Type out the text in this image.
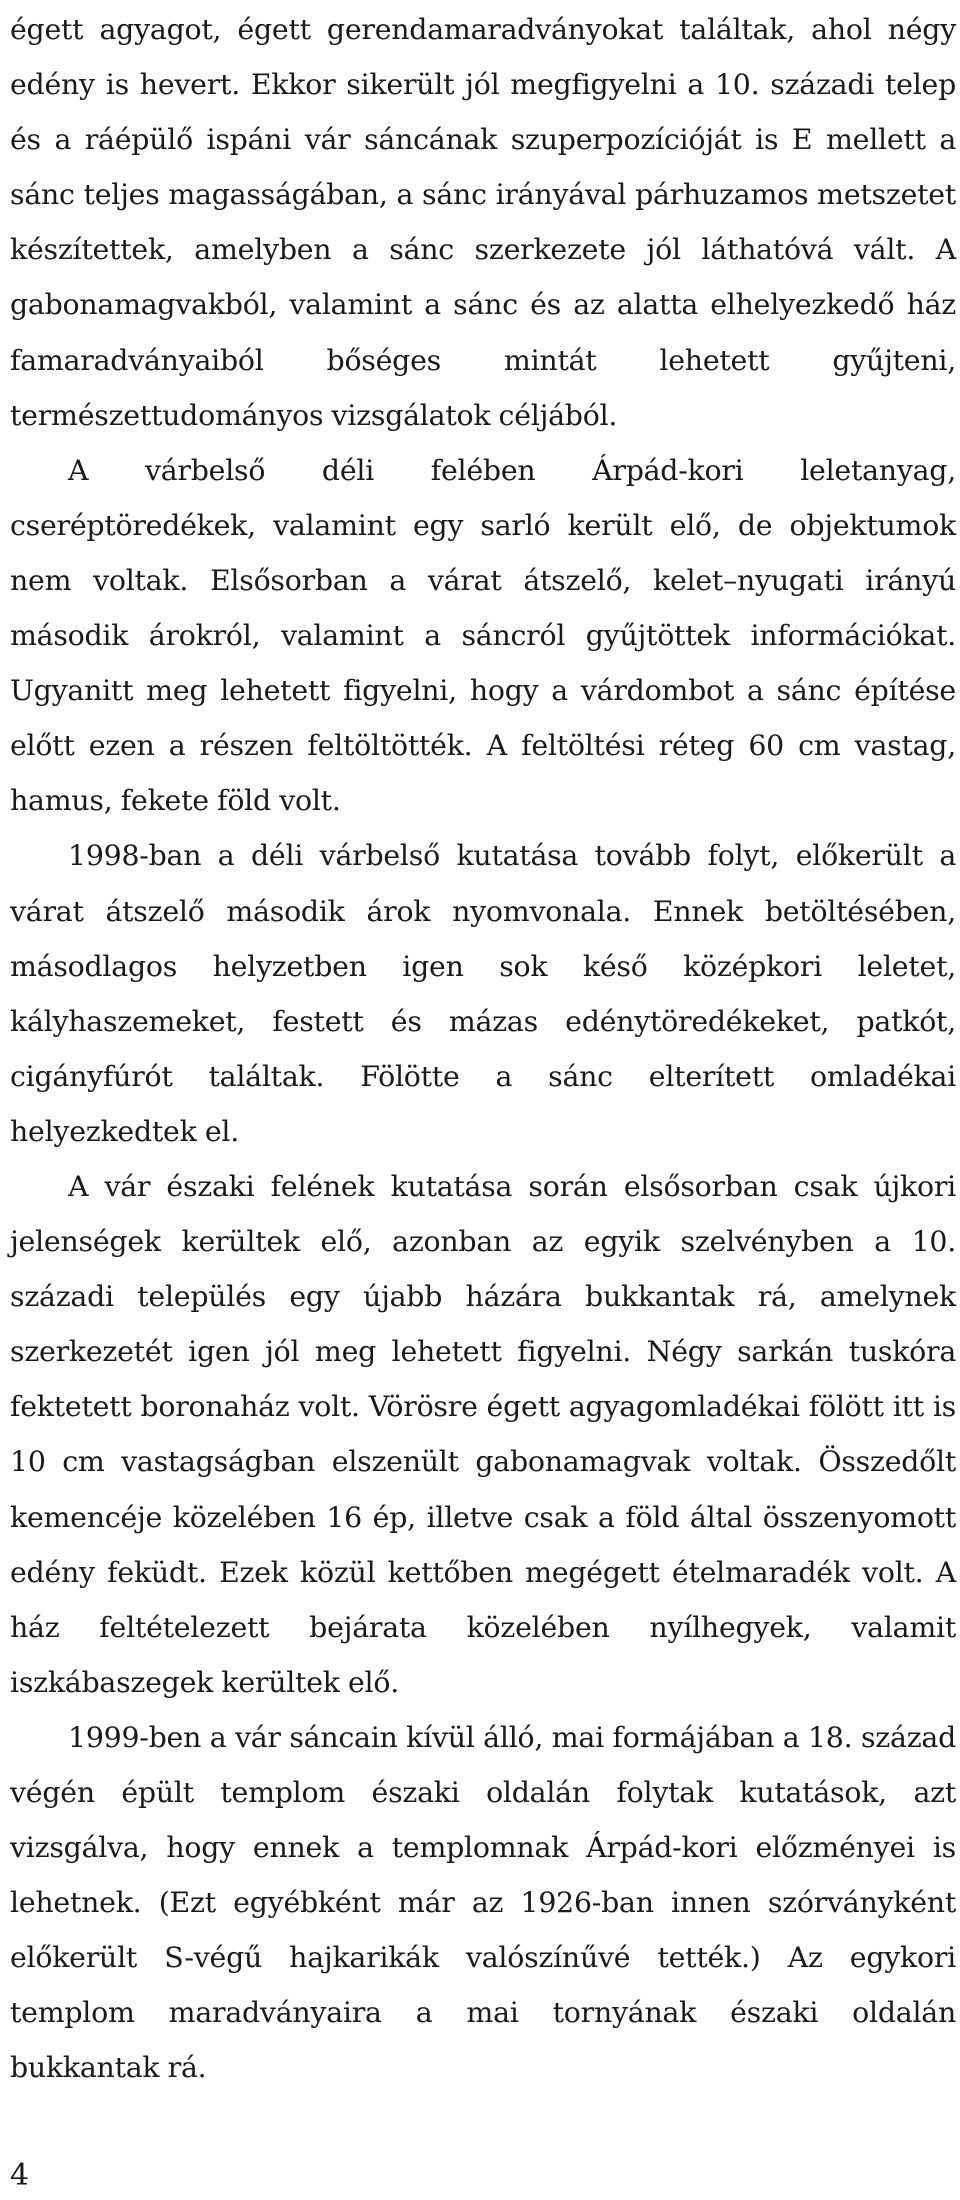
égett agyagot, égett gerendamaradványokat találtak, ahol négy edény is hevert. Ekkor sikerült jól megfigyelni a 10. századi telep és a ráépülő ispáni vár sáncának szuperpozícióját is E mellett a sánc teljes magasságában, a sánc irányával párhuzamos metszetet készítettek, amelyben a sánc szerkezete jól láthatóvá vált. A gabonamagvakból, valamint a sánc és az alatta elhelyezkedő ház famaradványaiból bőséges mintát lehetett gyűjteni, természettudományos vizsgálatok céljából.

A várbelső déli felében Árpád-kori leletanyag, cseréptöredékek, valamint egy sarló került elő, de objektumok nem voltak. Elsősorban a várat átszelő, kelet–nyugati irányú második árokról, valamint a sáncról gyűjtöttek információkat. Ugyanitt meg lehetett figyelni, hogy a várdombot a sánc építése előtt ezen a részen feltöltötték. A feltöltési réteg 60 cm vastag, hamus, fekete föld volt.

1998-ban a déli várbelső kutatása tovább folyt, előkerült a várat átszelő második árok nyomvonala. Ennek betöltésében, másodlagos helyzetben igen sok késő középkori leletet, kályhaszemeket, festett és mázas edénytöredékeket, patkót, cigányfúrót találtak. Fölötte a sánc elterített omladékai helyezkedtek el.

A vár északi felének kutatása során elsősorban csak újkori jelenségek kerültek elő, azonban az egyik szelvényben a 10. századi település egy újabb házára bukkantak rá, amelynek szerkezetét igen jól meg lehetett figyelni. Négy sarkán tuskóra fektetett boronaház volt. Vörösre égett agyagomladékai fölött itt is 10 cm vastagságban elszenült gabonamagvak voltak. Összedőlt kemencéje közelében 16 ép, illetve csak a föld által összenyomott edény feküdt. Ezek közül kettőben megégett ételmaradék volt. A ház feltételezett bejárata közelében nyílhegyek, valamit iszkábaszegek kerültek elő.

1999-ben a vár sáncain kívül álló, mai formájában a 18. század végén épült templom északi oldalán folytak kutatások, azt vizsgálva, hogy ennek a templomnak Árpád-kori előzményei is lehetnek. (Ezt egyébként már az 1926-ban innen szórványként előkerült S-végű hajkarikák valószínűvé tették.) Az egykori templom maradványaira a mai tornyának északi oldalán bukkantak rá.

4
